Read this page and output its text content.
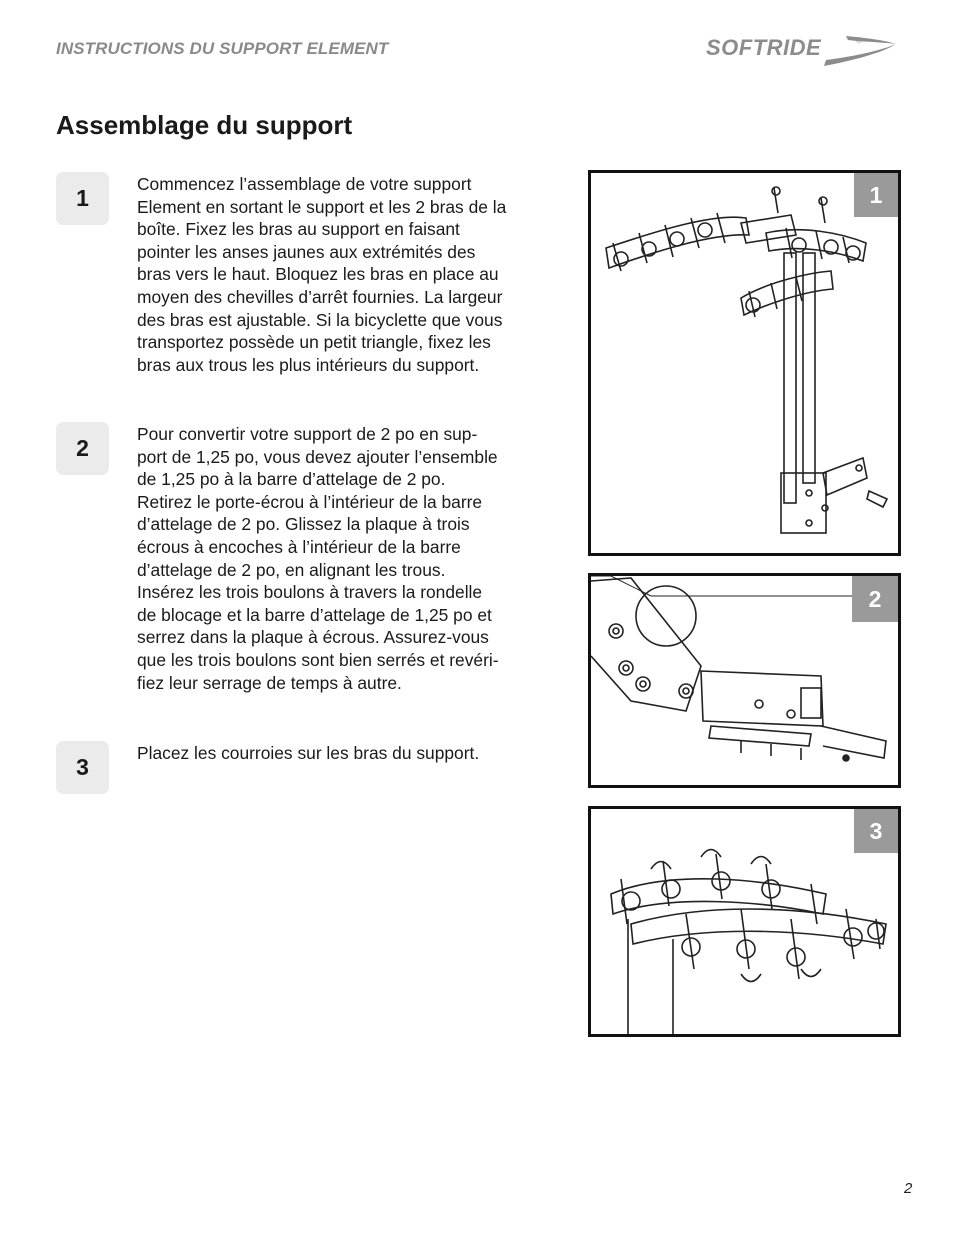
INSTRUCTIONS DU SUPPORT ELEMENT	SOFTRIDE	®
Assemblage du support
1
Commencez l’assemblage de votre support
Element en sortant le support et les 2 bras de la
boîte. Fixez les bras au support en faisant
pointer les anses jaunes aux extrémités des
bras vers le haut. Bloquez les bras en place au
moyen des chevilles d’arrêt fournies. La largeur
des bras est ajustable. Si la bicyclette que vous
transportez possède un petit triangle, fixez les
bras aux trous les plus intérieurs du support.
2
Pour convertir votre support de 2 po en sup-
port de 1,25 po, vous devez ajouter l’ensemble
de 1,25 po à la barre d’attelage de 2 po.
Retirez le porte-écrou à l’intérieur de la barre
d’attelage de 2 po. Glissez la plaque à trois
écrous à encoches à l’intérieur de la barre
d’attelage de 2 po, en alignant les trous.
Insérez les trois boulons à travers la rondelle
de blocage et la barre d’attelage de 1,25 po et
serrez dans la plaque à écrous. Assurez-vous
que les trois boulons sont bien serrés et revéri-
fiez leur serrage de temps à autre.
3
Placez les courroies sur les bras du support.
1
2
3
2
